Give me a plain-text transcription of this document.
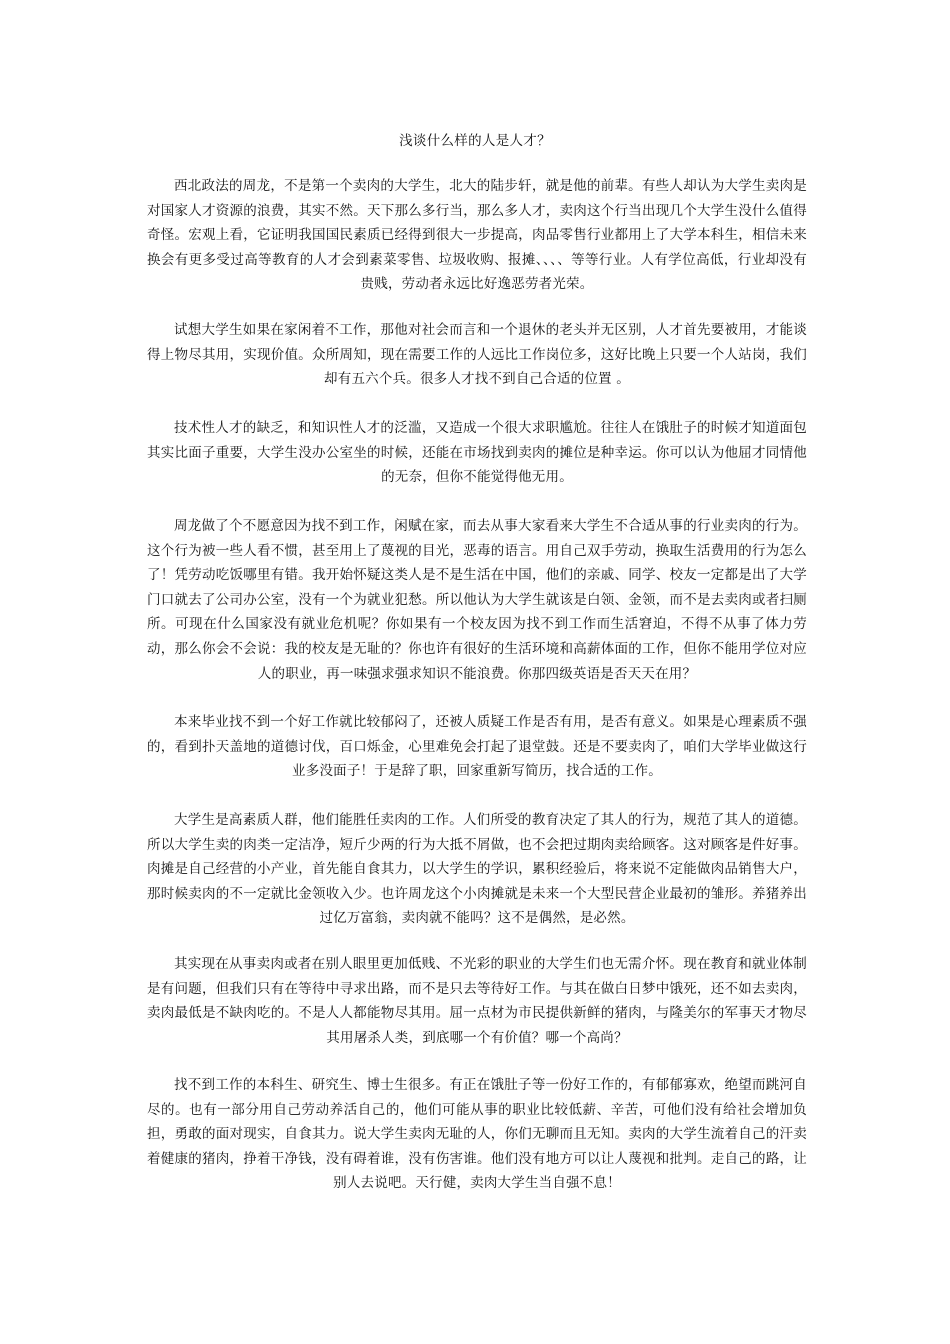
浅谈什么样的人是人才？

西北政法的周龙，不是第一个卖肉的大学生，北大的陆步轩，就是他的前辈。有些人却认为大学生卖肉是对国家人才资源的浪费，其实不然。天下那么多行当，那么多人才，卖肉这个行当出现几个大学生没什么值得奇怪。宏观上看，它证明我国国民素质已经得到很大一步提高，肉品零售行业都用上了大学本科生，相信未来换会有更多受过高等教育的人才会到素菜零售、垃圾收购、报摊、、、、等等行业。人有学位高低，行业却没有贵贱，劳动者永远比好逸恶劳者光荣。

试想大学生如果在家闲着不工作，那他对社会而言和一个退休的老头并无区别，人才首先要被用，才能谈得上物尽其用，实现价值。众所周知，现在需要工作的人远比工作岗位多，这好比晚上只要一个人站岗，我们却有五六个兵。很多人才找不到自己合适的位置 。

技术性人才的缺乏，和知识性人才的泛滥，又造成一个很大求职尴尬。往往人在饿肚子的时候才知道面包其实比面子重要，大学生没办公室坐的时候，还能在市场找到卖肉的摊位是种幸运。你可以认为他屈才同情他的无奈，但你不能觉得他无用。

周龙做了个不愿意因为找不到工作，闲赋在家，而去从事大家看来大学生不合适从事的行业卖肉的行为。这个行为被一些人看不惯，甚至用上了蔑视的目光，恶毒的语言。用自己双手劳动，换取生活费用的行为怎么了！凭劳动吃饭哪里有错。我开始怀疑这类人是不是生活在中国，他们的亲戚、同学、校友一定都是出了大学门口就去了公司办公室，没有一个为就业犯愁。所以他认为大学生就该是白领、金领，而不是去卖肉或者扫厕所。可现在什么国家没有就业危机呢？你如果有一个校友因为找不到工作而生活窘迫，不得不从事了体力劳动，那么你会不会说：我的校友是无耻的？你也许有很好的生活环境和高薪体面的工作，但你不能用学位对应人的职业，再一味强求强求知识不能浪费。你那四级英语是否天天在用？

本来毕业找不到一个好工作就比较郁闷了，还被人质疑工作是否有用，是否有意义。如果是心理素质不强的，看到扑天盖地的道德讨伐，百口烁金，心里难免会打起了退堂鼓。还是不要卖肉了，咱们大学毕业做这行业多没面子！于是辞了职，回家重新写简历，找合适的工作。

大学生是高素质人群，他们能胜任卖肉的工作。人们所受的教育决定了其人的行为，规范了其人的道德。所以大学生卖的肉类一定洁净，短斤少两的行为大抵不屑做，也不会把过期肉卖给顾客。这对顾客是件好事。肉摊是自己经营的小产业，首先能自食其力，以大学生的学识，累积经验后，将来说不定能做肉品销售大户，那时候卖肉的不一定就比金领收入少。也许周龙这个小肉摊就是未来一个大型民营企业最初的雏形。养猪养出过亿万富翁，卖肉就不能吗？这不是偶然，是必然。

其实现在从事卖肉或者在别人眼里更加低贱、不光彩的职业的大学生们也无需介怀。现在教育和就业体制是有问题，但我们只有在等待中寻求出路，而不是只去等待好工作。与其在做白日梦中饿死，还不如去卖肉，卖肉最低是不缺肉吃的。不是人人都能物尽其用。屈一点材为市民提供新鲜的猪肉，与隆美尔的军事天才物尽其用屠杀人类，到底哪一个有价值？哪一个高尚？

找不到工作的本科生、研究生、博士生很多。有正在饿肚子等一份好工作的，有郁郁寡欢，绝望而跳河自尽的。也有一部分用自己劳动养活自己的，他们可能从事的职业比较低薪、辛苦，可他们没有给社会增加负担，勇敢的面对现实，自食其力。说大学生卖肉无耻的人，你们无聊而且无知。卖肉的大学生流着自己的汗卖着健康的猪肉，挣着干净钱，没有碍着谁，没有伤害谁。他们没有地方可以让人蔑视和批判。走自己的路，让别人去说吧。天行健，卖肉大学生当自强不息！
